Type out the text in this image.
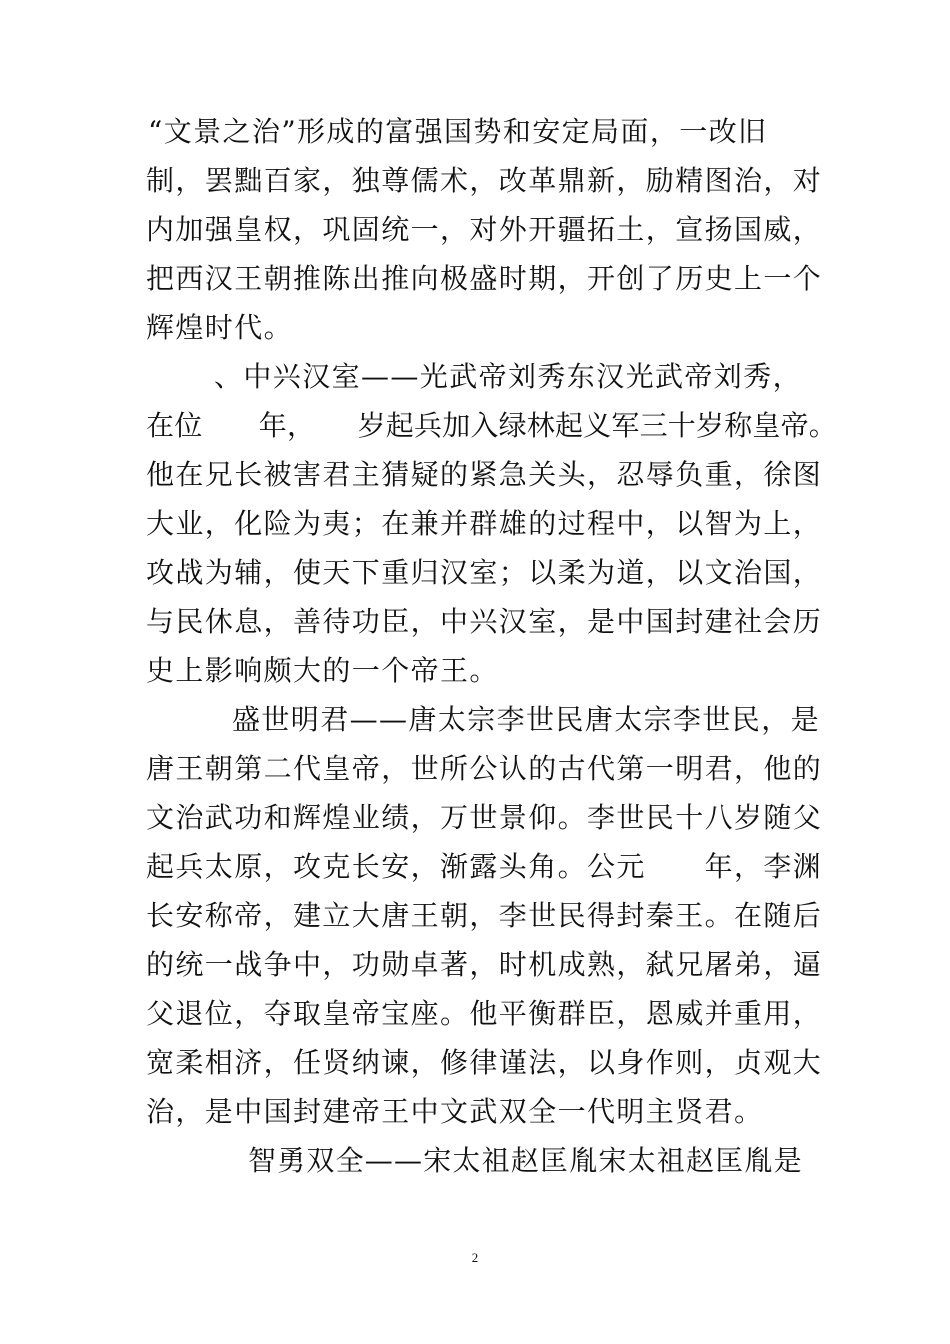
“文景之治”形成的富强国势和安定局面，一改旧
制，罢黜百家，独尊儒术，改革鼎新，励精图治，对
内加强皇权，巩固统一，对外开疆拓土，宣扬国威，
把西汉王朝推陈出推向极盛时期，开创了历史上一个
辉煌时代。
、中兴汉室——光武帝刘秀东汉光武帝刘秀，
在位　　年，　　岁起兵加入绿林起义军三十岁称皇帝。
他在兄长被害君主猜疑的紧急关头，忍辱负重，徐图
大业，化险为夷；在兼并群雄的过程中，以智为上，
攻战为辅，使天下重归汉室；以柔为道，以文治国，
与民休息，善待功臣，中兴汉室，是中国封建社会历
史上影响颇大的一个帝王。
盛世明君——唐太宗李世民唐太宗李世民，是
唐王朝第二代皇帝，世所公认的古代第一明君，他的
文治武功和辉煌业绩，万世景仰。李世民十八岁随父
起兵太原，攻克长安，渐露头角。公元　　年，李渊
长安称帝，建立大唐王朝，李世民得封秦王。在随后
的统一战争中，功勋卓著，时机成熟，弑兄屠弟，逼
父退位，夺取皇帝宝座。他平衡群臣，恩威并重用，
宽柔相济，任贤纳谏，修律谨法，以身作则，贞观大
治，是中国封建帝王中文武双全一代明主贤君。
智勇双全——宋太祖赵匡胤宋太祖赵匡胤是
2
